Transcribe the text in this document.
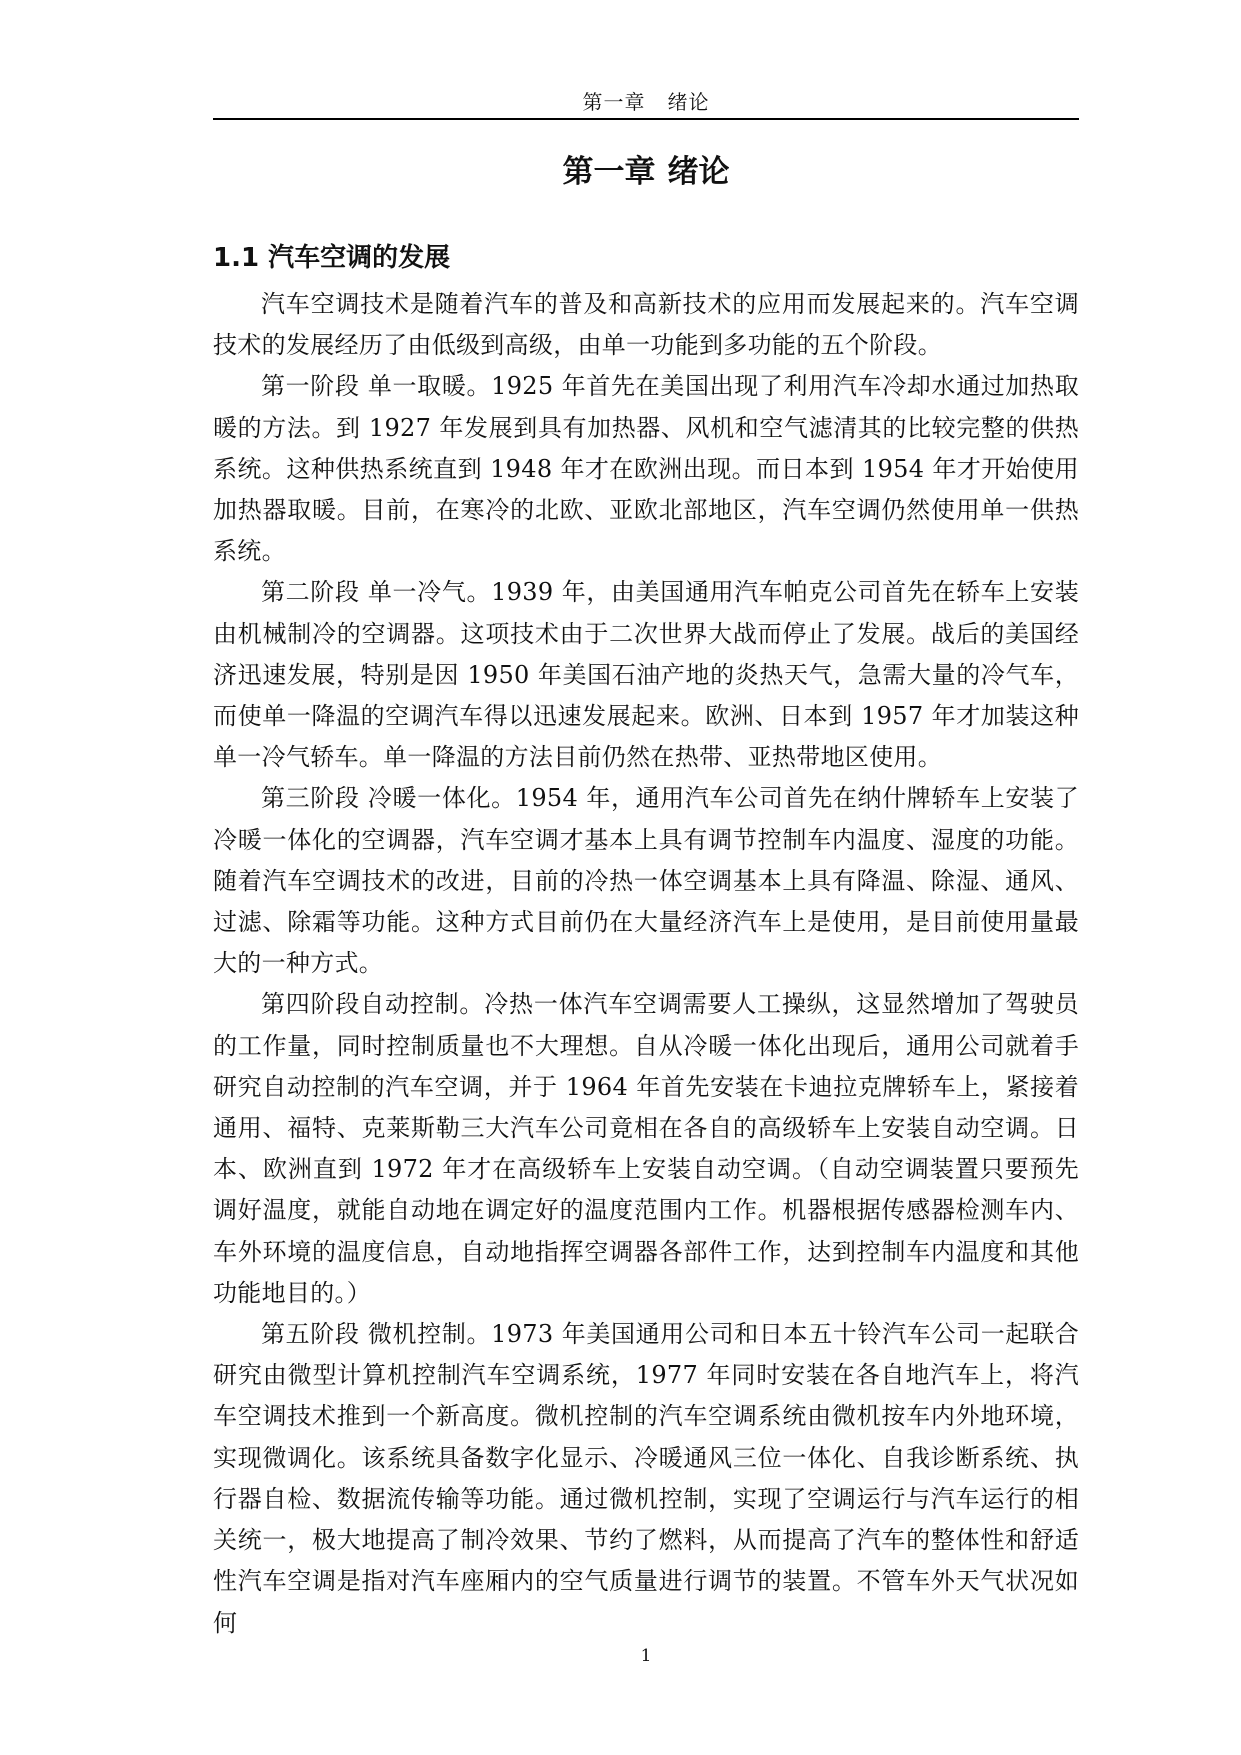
第一章 绪论
第一章 绪论
1.1 汽车空调的发展

汽车空调技术是随着汽车的普及和高新技术的应用而发展起来的。汽车空调技术的发展经历了由低级到高级，由单一功能到多功能的五个阶段。

第一阶段 单一取暖。1925 年首先在美国出现了利用汽车冷却水通过加热取暖的方法。到 1927 年发展到具有加热器、风机和空气滤清其的比较完整的供热系统。这种供热系统直到 1948 年才在欧洲出现。而日本到 1954 年才开始使用加热器取暖。目前，在寒冷的北欧、亚欧北部地区，汽车空调仍然使用单一供热系统。

第二阶段 单一冷气。1939 年，由美国通用汽车帕克公司首先在轿车上安装由机械制冷的空调器。这项技术由于二次世界大战而停止了发展。战后的美国经济迅速发展，特别是因 1950 年美国石油产地的炎热天气，急需大量的冷气车，而使单一降温的空调汽车得以迅速发展起来。欧洲、日本到 1957 年才加装这种单一冷气轿车。单一降温的方法目前仍然在热带、亚热带地区使用。

第三阶段 冷暖一体化。1954 年，通用汽车公司首先在纳什牌轿车上安装了冷暖一体化的空调器，汽车空调才基本上具有调节控制车内温度、湿度的功能。随着汽车空调技术的改进，目前的冷热一体空调基本上具有降温、除湿、通风、过滤、除霜等功能。这种方式目前仍在大量经济汽车上是使用，是目前使用量最大的一种方式。

第四阶段自动控制。冷热一体汽车空调需要人工操纵，这显然增加了驾驶员的工作量，同时控制质量也不大理想。自从冷暖一体化出现后，通用公司就着手研究自动控制的汽车空调，并于 1964 年首先安装在卡迪拉克牌轿车上，紧接着通用、福特、克莱斯勒三大汽车公司竟相在各自的高级轿车上安装自动空调。日本、欧洲直到 1972 年才在高级轿车上安装自动空调。（自动空调装置只要预先调好温度，就能自动地在调定好的温度范围内工作。机器根据传感器检测车内、车外环境的温度信息，自动地指挥空调器各部件工作，达到控制车内温度和其他功能地目的。）

第五阶段 微机控制。1973 年美国通用公司和日本五十铃汽车公司一起联合研究由微型计算机控制汽车空调系统，1977 年同时安装在各自地汽车上，将汽车空调技术推到一个新高度。微机控制的汽车空调系统由微机按车内外地环境，实现微调化。该系统具备数字化显示、冷暖通风三位一体化、自我诊断系统、执行器自检、数据流传输等功能。通过微机控制，实现了空调运行与汽车运行的相关统一，极大地提高了制冷效果、节约了燃料，从而提高了汽车的整体性和舒适性汽车空调是指对汽车座厢内的空气质量进行调节的装置。不管车外天气状况如何

1
